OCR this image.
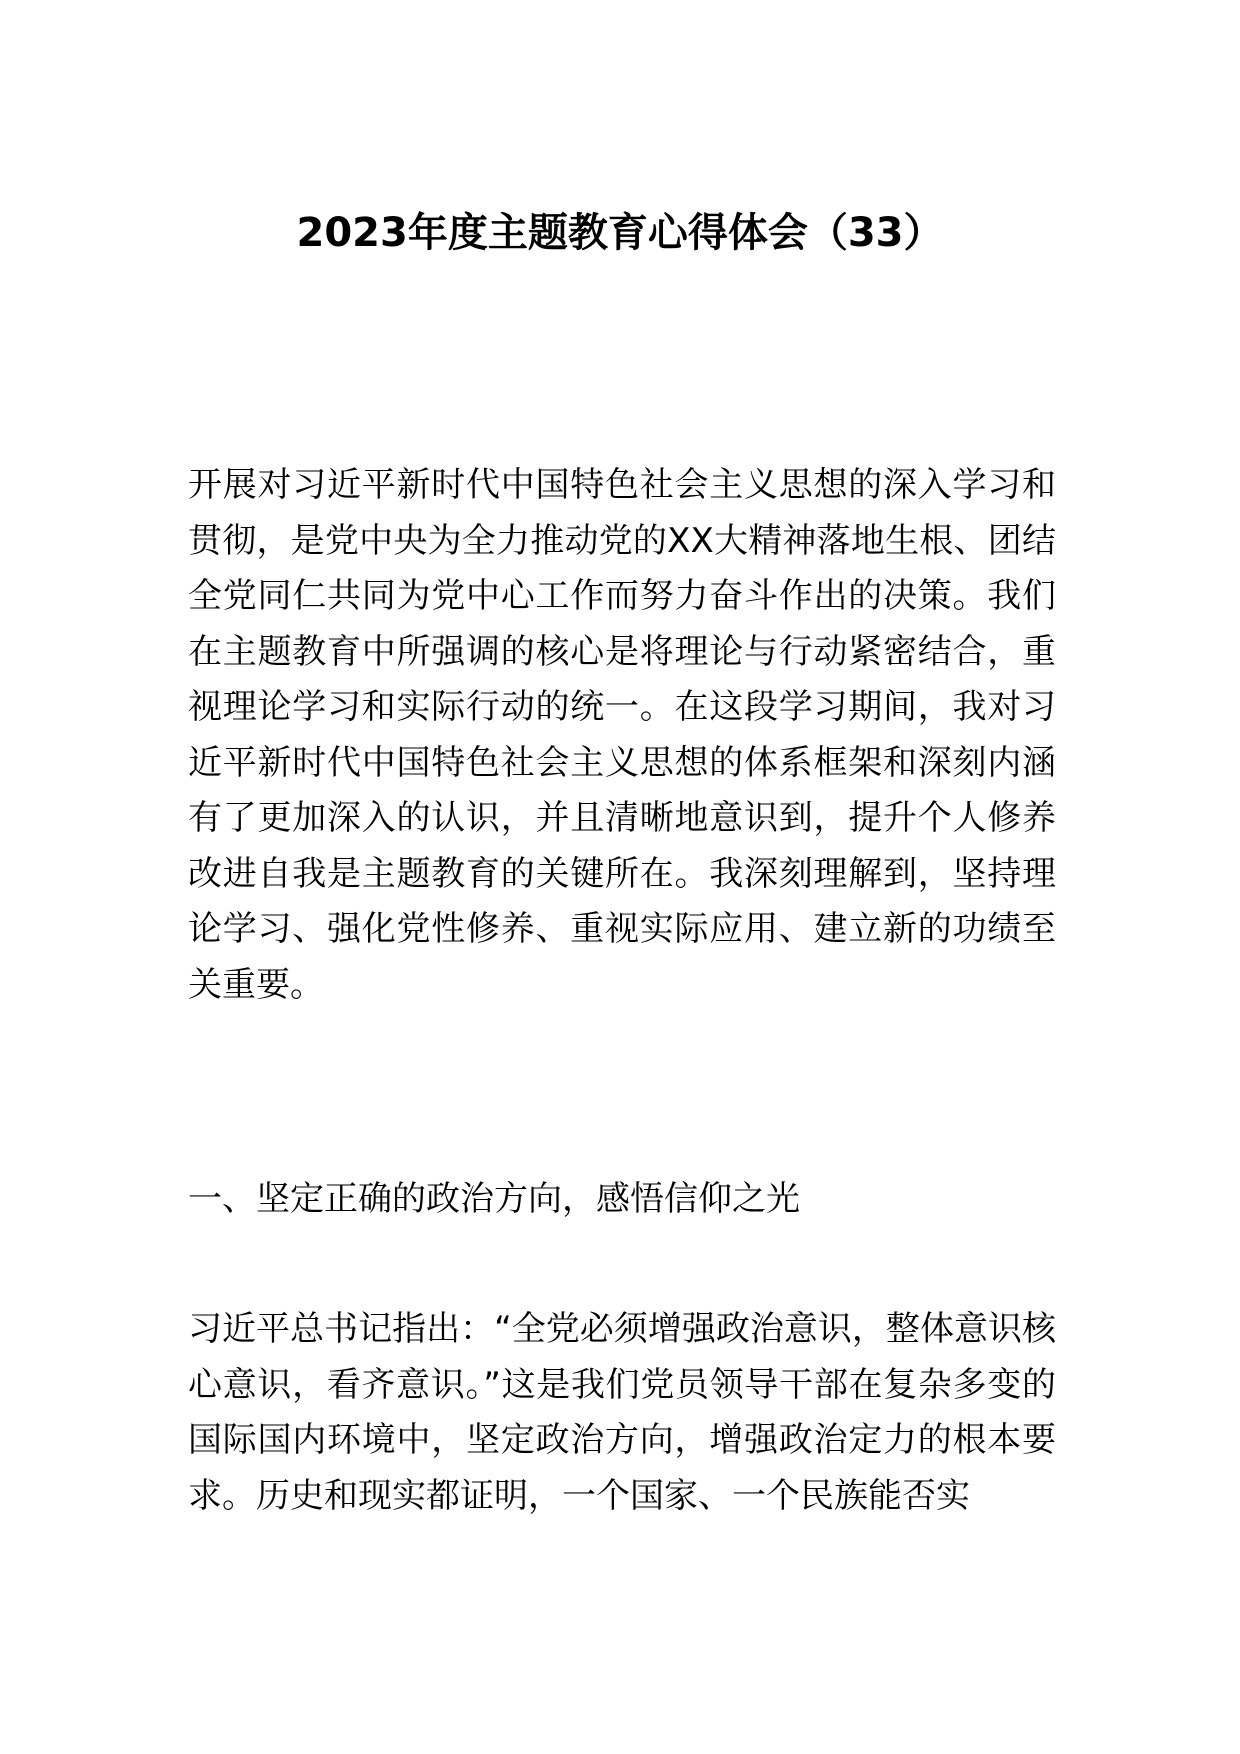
2023年度主题教育心得体会（33）

开展对习近平新时代中国特色社会主义思想的深入学习和贯彻，是党中央为全力推动党的XX大精神落地生根、团结全党同仁共同为党中心工作而努力奋斗作出的决策。我们在主题教育中所强调的核心是将理论与行动紧密结合，重视理论学习和实际行动的统一。在这段学习期间，我对习近平新时代中国特色社会主义思想的体系框架和深刻内涵有了更加深入的认识，并且清晰地意识到，提升个人修养改进自我是主题教育的关键所在。我深刻理解到，坚持理论学习、强化党性修养、重视实际应用、建立新的功绩至关重要。

一、坚定正确的政治方向，感悟信仰之光

习近平总书记指出：“全党必须增强政治意识，整体意识核心意识，看齐意识。”这是我们党员领导干部在复杂多变的国际国内环境中，坚定政治方向，增强政治定力的根本要求。历史和现实都证明，一个国家、一个民族能否实
